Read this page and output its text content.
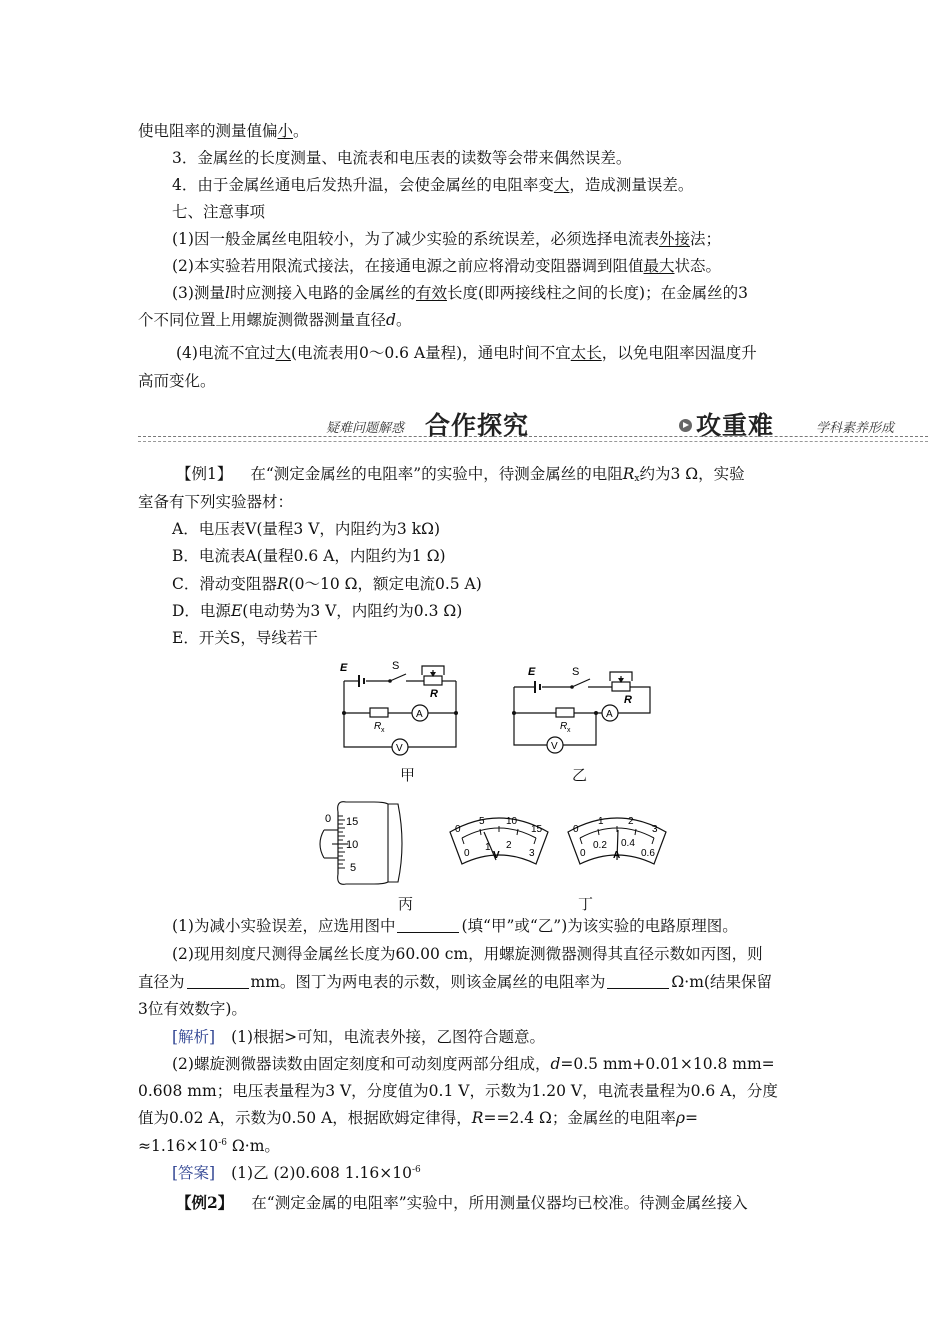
使电阻率的测量值偏小。
3．金属丝的长度测量、电流表和电压表的读数等会带来偶然误差。
4．由于金属丝通电后发热升温，会使金属丝的电阻率变大，造成测量误差。
七、注意事项
(1)因一般金属丝电阻较小，为了减少实验的系统误差，必须选择电流表外接法；
(2)本实验若用限流式接法，在接通电源之前应将滑动变阻器调到阻值最大状态。
(3)测量l时应测接入电路的金属丝的有效长度(即两接线柱之间的长度)；在金属丝的3
个不同位置上用螺旋测微器测量直径d。
(4)电流不宜过大(电流表用0～0.6 A量程)，通电时间不宜太长，以免电阻率因温度升
高而变化。
疑难问题解惑 合作探究	攻重难	学科素养形成
【例1】 在“测定金属丝的电阻率”的实验中，待测金属丝的电阻$R_x$约为3 Ω，实验
室备有下列实验器材：
A．电压表V(量程3 V，内阻约为3 kΩ)
B．电流表A(量程0.6 A，内阻约为1 Ω)
C．滑动变阻器R(0～10 Ω，额定电流0.5 A)
D．电源E(电动势为3 V，内阻约为0.3 Ω)
E．开关S，导线若干
E	S
R
R x
A
V
E	S
R
R x
A
V
甲	乙
0 15
10
5
0
5 10
15
0
1 2
3
V
0
1 2
3
0
0.2 0.4
0.6
A
丙	丁
(1)为减小实验误差，应选用图中	(填“甲”或“乙”)为该实验的电路原理图。
(2)现用刻度尺测得金属丝长度为60.00 cm，用螺旋测微器测得其直径示数如丙图，则
直径为	mm。图丁为两电表的示数，则该金属丝的电阻率为	Ω·m(结果保留
3位有效数字)。
[解析] (1)根据>可知，电流表外接，乙图符合题意。
(2)螺旋测微器读数由固定刻度和可动刻度两部分组成，d=0.5 mm+0.01×10.8 mm=
0.608 mm；电压表量程为3 V，分度值为0.1 V，示数为1.20 V，电流表量程为0.6 A，分度
值为0.02 A，示数为0.50 A，根据欧姆定律得，R==2.4 Ω；金属丝的电阻率ρ=
$\approx 1.16\times 10^{-6}$ Ω·m。
[答案] (1)乙 (2)0.608 $1.16\times 10^{-6}$
【例2】 在“测定金属的电阻率”实验中，所用测量仪器均已校准。待测金属丝接入
